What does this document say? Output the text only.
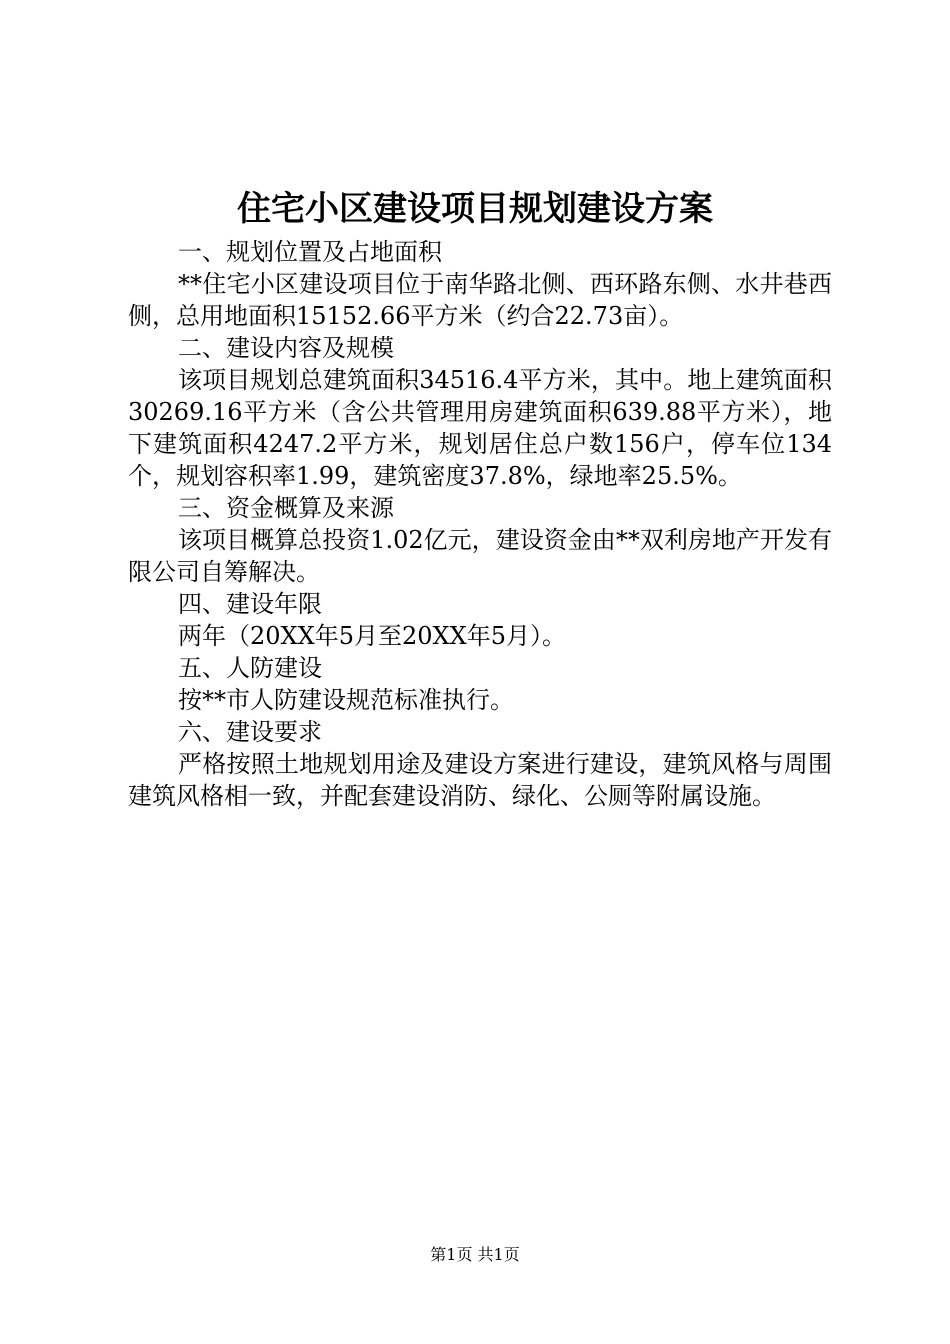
住宅小区建设项目规划建设方案

一、规划位置及占地面积

**住宅小区建设项目位于南华路北侧、西环路东侧、水井巷西侧，总用地面积15152.66平方米（约合22.73亩）。

二、建设内容及规模

该项目规划总建筑面积34516.4平方米，其中。地上建筑面积30269.16平方米（含公共管理用房建筑面积639.88平方米），地下建筑面积4247.2平方米，规划居住总户数156户，停车位134个，规划容积率1.99，建筑密度37.8%，绿地率25.5%。

三、资金概算及来源

该项目概算总投资1.02亿元，建设资金由**双利房地产开发有限公司自筹解决。

四、建设年限

两年（20XX年5月至20XX年5月）。

五、人防建设

按**市人防建设规范标准执行。

六、建设要求

严格按照土地规划用途及建设方案进行建设，建筑风格与周围建筑风格相一致，并配套建设消防、绿化、公厕等附属设施。

第1页 共1页
